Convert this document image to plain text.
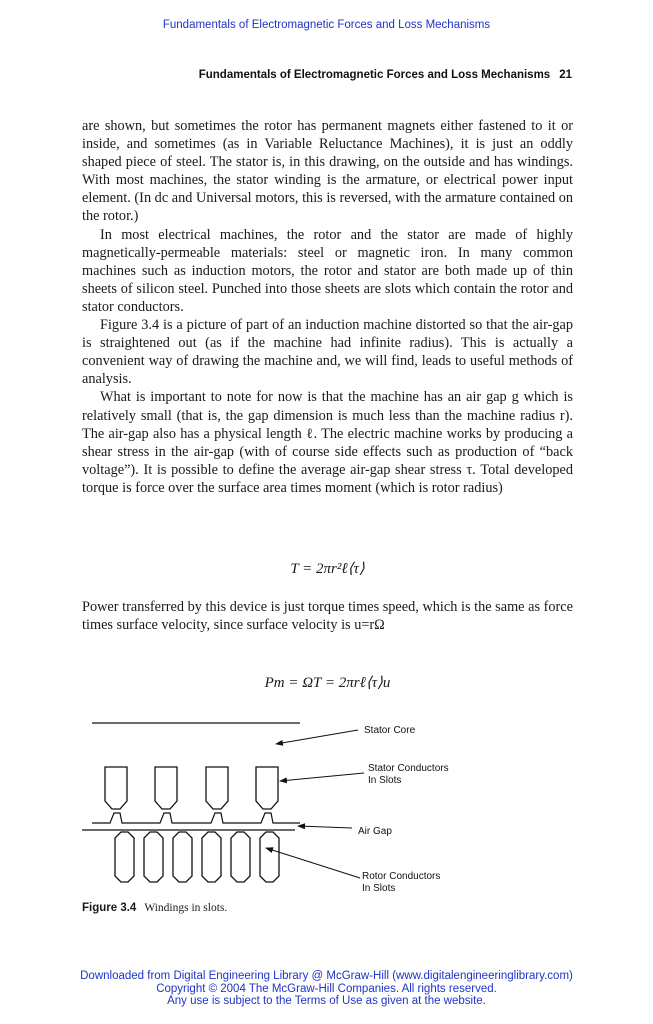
Fundamentals of Electromagnetic Forces and Loss Mechanisms
Fundamentals of Electromagnetic Forces and Loss Mechanisms 21

are shown, but sometimes the rotor has permanent magnets either fastened to it or inside, and sometimes (as in Variable Reluctance Machines), it is just an oddly shaped piece of steel. The stator is, in this drawing, on the outside and has windings. With most machines, the stator winding is the armature, or electrical power input element. (In dc and Universal motors, this is reversed, with the armature contained on the rotor.)

In most electrical machines, the rotor and the stator are made of highly magnetically-permeable materials: steel or magnetic iron. In many common machines such as induction motors, the rotor and stator are both made up of thin sheets of silicon steel. Punched into those sheets are slots which contain the rotor and stator conductors.

Figure 3.4 is a picture of part of an induction machine distorted so that the air-gap is straightened out (as if the machine had infinite radius). This is actually a convenient way of drawing the machine and, we will find, leads to useful methods of analysis.

What is important to note for now is that the machine has an air gap g which is relatively small (that is, the gap dimension is much less than the machine radius r). The air-gap also has a physical length ℓ. The electric machine works by producing a shear stress in the air-gap (with of course side effects such as production of “back voltage”). It is possible to define the average air-gap shear stress τ. Total developed torque is force over the surface area times moment (which is rotor radius)

T = 2πr²ℓ⟨τ⟩

Power transferred by this device is just torque times speed, which is the same as force times surface velocity, since surface velocity is u=rΩ

Pm = ΩT = 2πrℓ⟨τ⟩u
Stator Core
Stator Conductors
In Slots
Air Gap
Rotor Conductors
In Slots
Figure 3.4 Windings in slots.
Downloaded from Digital Engineering Library @ McGraw-Hill (www.digitalengineeringlibrary.com)
Copyright © 2004 The McGraw-Hill Companies. All rights reserved.
Any use is subject to the Terms of Use as given at the website.
